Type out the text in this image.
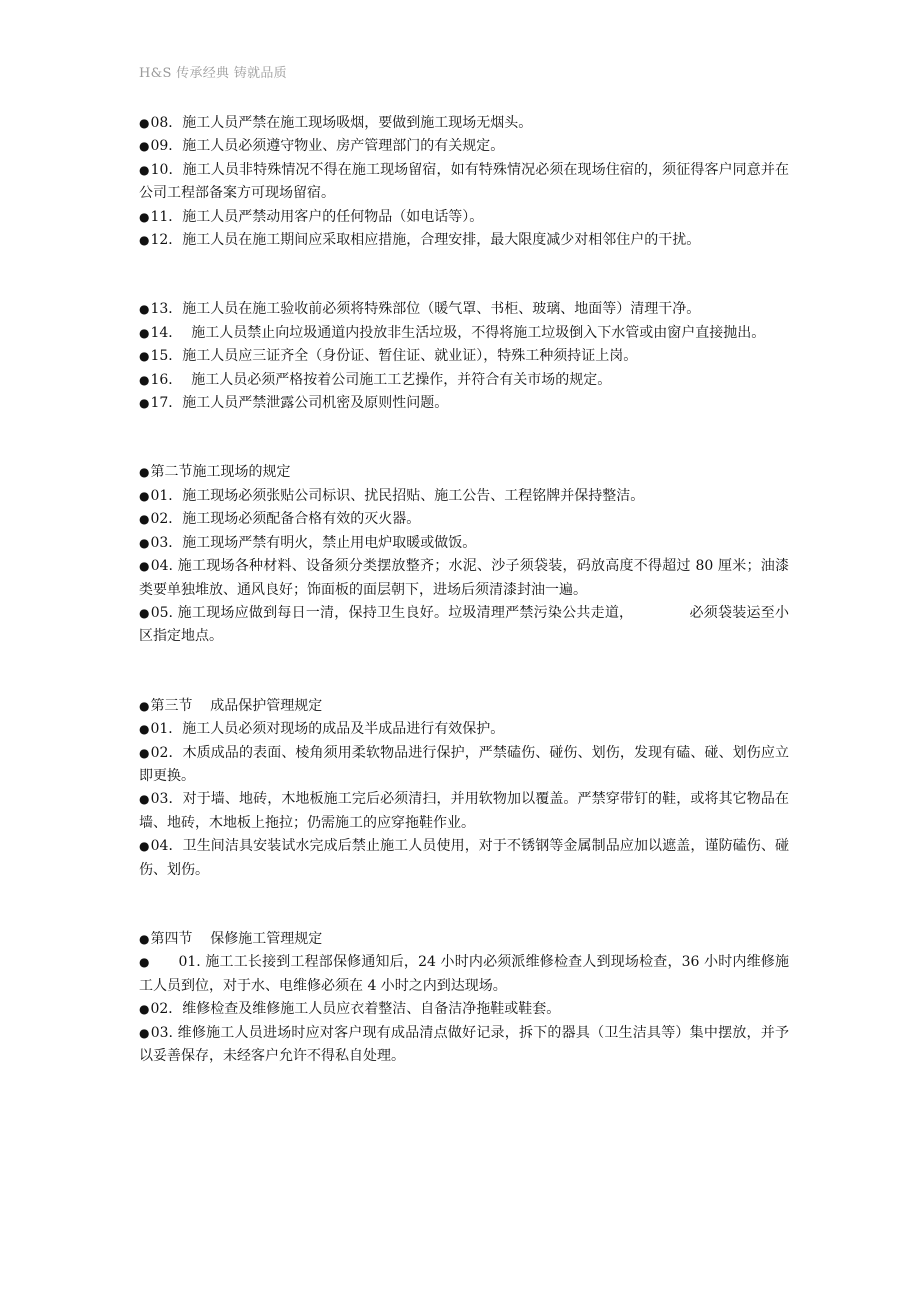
H&S 传承经典 铸就品质

●08．施工人员严禁在施工现场吸烟，要做到施工现场无烟头。

●09．施工人员必须遵守物业、房产管理部门的有关规定。

●10．施工人员非特殊情况不得在施工现场留宿，如有特殊情况必须在现场住宿的，须征得客户同意并在公司工程部备案方可现场留宿。

●11．施工人员严禁动用客户的任何物品（如电话等）。

●12．施工人员在施工期间应采取相应措施，合理安排，最大限度减少对相邻住户的干扰。

●13．施工人员在施工验收前必须将特殊部位（暖气罩、书柜、玻璃、地面等）清理干净。

●14．  施工人员禁止向垃圾通道内投放非生活垃圾，不得将施工垃圾倒入下水管或由窗户直接抛出。

●15．施工人员应三证齐全（身份证、暂住证、就业证），特殊工种须持证上岗。

●16．  施工人员必须严格按着公司施工工艺操作，并符合有关市场的规定。

●17．施工人员严禁泄露公司机密及原则性问题。

●第二节施工现场的规定

●01．施工现场必须张贴公司标识、扰民招贴、施工公告、工程铭牌并保持整洁。

●02．施工现场必须配备合格有效的灭火器。

●03．施工现场严禁有明火，禁止用电炉取暖或做饭。

●04. 施工现场各种材料、设备须分类摆放整齐；水泥、沙子须袋装，码放高度不得超过 80 厘米；油漆类要单独堆放、通风良好；饰面板的面层朝下，进场后须清漆封油一遍。

●05. 施工现场应做到每日一清，保持卫生良好。垃圾清理严禁污染公共走道，            必须袋装运至小区指定地点。

●第三节    成品保护管理规定

●01．施工人员必须对现场的成品及半成品进行有效保护。

●02．木质成品的表面、棱角须用柔软物品进行保护，严禁磕伤、碰伤、划伤，发现有磕、碰、划伤应立即更换。

●03．对于墙、地砖，木地板施工完后必须清扫，并用软物加以覆盖。严禁穿带钉的鞋，或将其它物品在墙、地砖，木地板上拖拉；仍需施工的应穿拖鞋作业。

●04．卫生间洁具安装试水完成后禁止施工人员使用，对于不锈钢等金属制品应加以遮盖，谨防磕伤、碰伤、划伤。

●第四节    保修施工管理规定

●      01. 施工工长接到工程部保修通知后，24 小时内必须派维修检查人到现场检查，36 小时内维修施工人员到位，对于水、电维修必须在 4 小时之内到达现场。

●02．维修检查及维修施工人员应衣着整洁、自备洁净拖鞋或鞋套。

●03. 维修施工人员进场时应对客户现有成品清点做好记录，拆下的器具（卫生洁具等）集中摆放，并予以妥善保存，未经客户允许不得私自处理。
